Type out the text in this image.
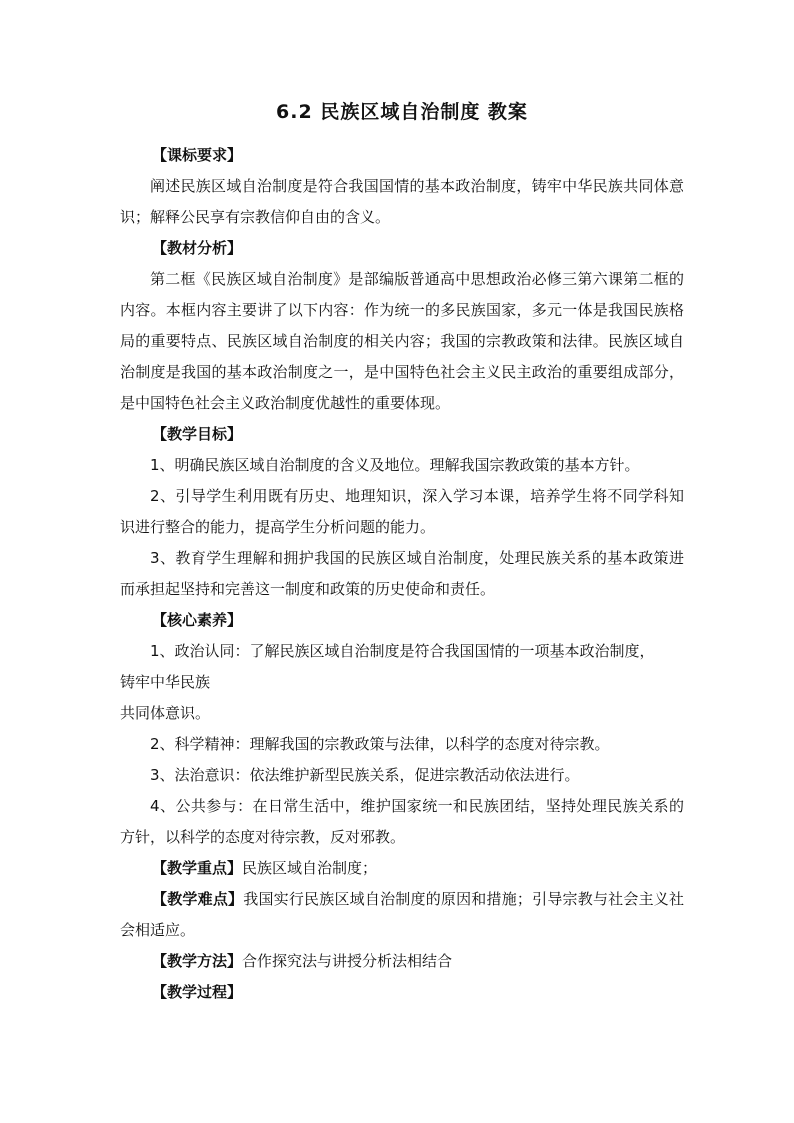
6.2 民族区域自治制度 教案

【课标要求】

阐述民族区域自治制度是符合我国国情的基本政治制度，铸牢中华民族共同体意识；解释公民享有宗教信仰自由的含义。

【教材分析】

第二框《民族区域自治制度》是部编版普通高中思想政治必修三第六课第二框的内容。本框内容主要讲了以下内容：作为统一的多民族国家，多元一体是我国民族格局的重要特点、民族区域自治制度的相关内容；我国的宗教政策和法律。民族区域自治制度是我国的基本政治制度之一，是中国特色社会主义民主政治的重要组成部分，是中国特色社会主义政治制度优越性的重要体现。

【教学目标】

1、明确民族区域自治制度的含义及地位。理解我国宗教政策的基本方针。

2、引导学生利用既有历史、地理知识，深入学习本课，培养学生将不同学科知识进行整合的能力，提高学生分析问题的能力。

3、教育学生理解和拥护我国的民族区域自治制度，处理民族关系的基本政策进而承担起坚持和完善这一制度和政策的历史使命和责任。

【核心素养】

1、政治认同：了解民族区域自治制度是符合我国国情的一项基本政治制度，

铸牢中华民族

共同体意识。

2、科学精神：理解我国的宗教政策与法律，以科学的态度对待宗教。

3、法治意识：依法维护新型民族关系，促进宗教活动依法进行。

4、公共参与：在日常生活中，维护国家统一和民族团结，坚持处理民族关系的方针，以科学的态度对待宗教，反对邪教。

【教学重点】民族区域自治制度；

【教学难点】我国实行民族区域自治制度的原因和措施；引导宗教与社会主义社会相适应。

【教学方法】合作探究法与讲授分析法相结合

【教学过程】
